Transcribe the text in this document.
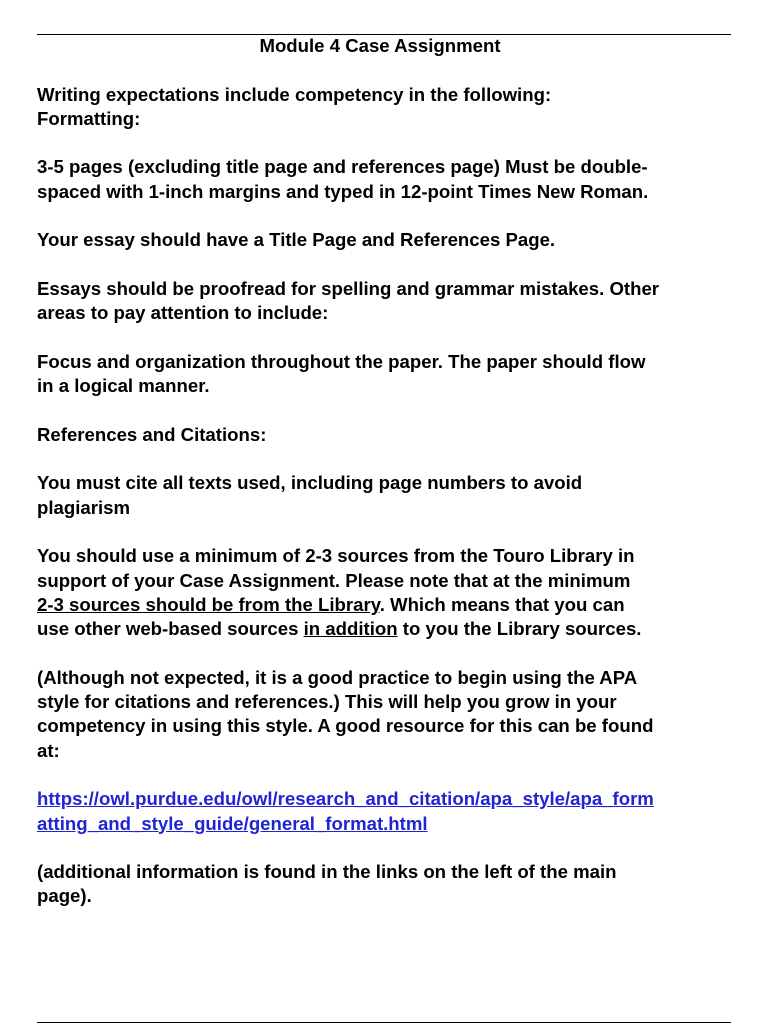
Module 4 Case Assignment
Writing expectations include competency in the following:
Formatting:
3-5 pages (excluding title page and references page) Must be double-
spaced with 1-inch margins and typed in 12-point Times New Roman.
Your essay should have a Title Page and References Page.
Essays should be proofread for spelling and grammar mistakes. Other
areas to pay attention to include:
Focus and organization throughout the paper. The paper should flow
in a logical manner.
References and Citations:
You must cite all texts used, including page numbers to avoid
plagiarism
You should use a minimum of 2-3 sources from the Touro Library in
support of your Case Assignment. Please note that at the minimum
2-3 sources should be from the Library. Which means that you can
use other web-based sources in addition to you the Library sources.
(Although not expected, it is a good practice to begin using the APA
style for citations and references.) This will help you grow in your
competency in using this style. A good resource for this can be found
at:
https://owl.purdue.edu/owl/research_and_citation/apa_style/apa_form
atting_and_style_guide/general_format.html
(additional information is found in the links on the left of the main
page).
